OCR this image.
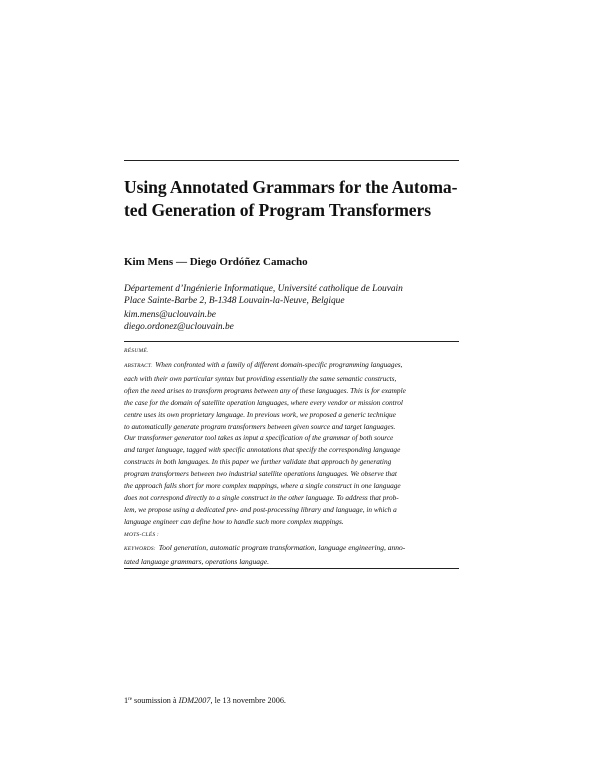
Using Annotated Grammars for the Automa-
ted Generation of Program Transformers
Kim Mens — Diego Ordóñez Camacho
Département d’Ingénierie Informatique, Université catholique de Louvain
Place Sainte-Barbe 2, B-1348 Louvain-la-Neuve, Belgique
kim.mens@uclouvain.be
diego.ordonez@uclouvain.be
RÉSUMÉ.
ABSTRACT. When confronted with a family of different domain-specific programming languages,
each with their own particular syntax but providing essentially the same semantic constructs,
often the need arises to transform programs between any of these languages. This is for example
the case for the domain of satellite operation languages, where every vendor or mission control
centre uses its own proprietary language. In previous work, we proposed a generic technique
to automatically generate program transformers between given source and target languages.
Our transformer generator tool takes as input a specification of the grammar of both source
and target language, tagged with specific annotations that specify the corresponding language
constructs in both languages. In this paper we further validate that approach by generating
program transformers between two industrial satellite operations languages. We observe that
the approach falls short for more complex mappings, where a single construct in one language
does not correspond directly to a single construct in the other language. To address that prob-
lem, we propose using a dedicated pre- and post-processing library and language, in which a
language engineer can define how to handle such more complex mappings.
MOTS-CLÉS :
KEYWORDS: Tool generation, automatic program transformation, language engineering, anno-
tated language grammars, operations language.
1re soumission à IDM2007, le 13 novembre 2006.
